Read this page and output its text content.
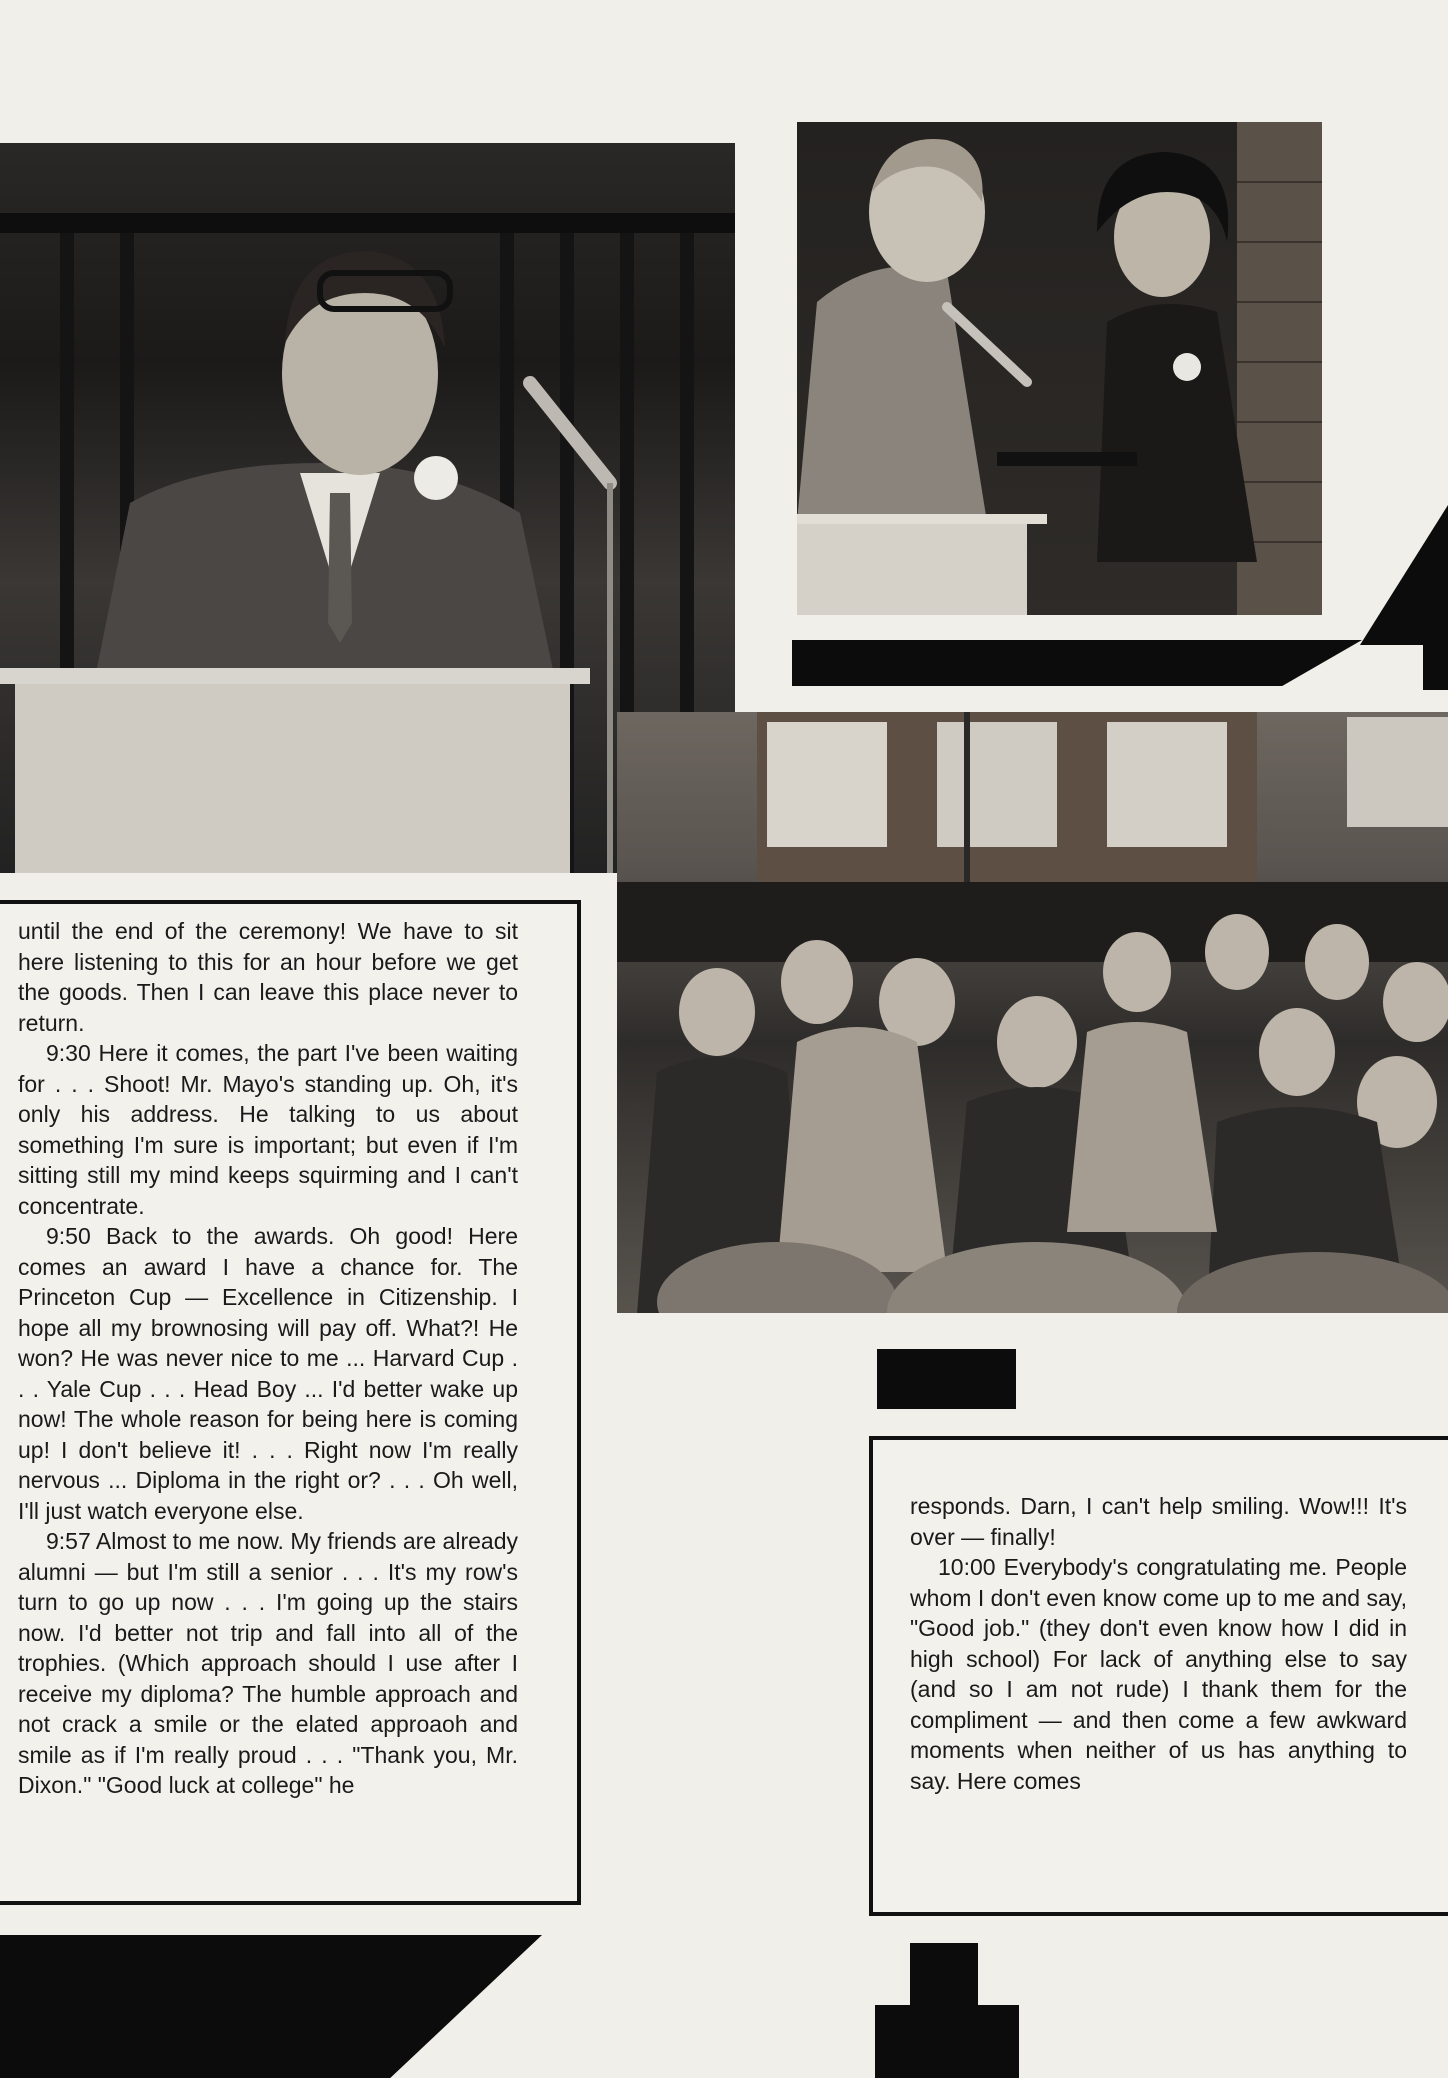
until the end of the ceremony! We have to sit here listening to this for an hour before we get the goods. Then I can leave this place never to return.

9:30 Here it comes, the part I've been waiting for . . . Shoot! Mr. Mayo's standing up. Oh, it's only his address. He talking to us about something I'm sure is important; but even if I'm sitting still my mind keeps squirming and I can't concentrate.

9:50 Back to the awards. Oh good! Here comes an award I have a chance for. The Princeton Cup — Excellence in Citizenship. I hope all my brownosing will pay off. What?! He won? He was never nice to me ... Harvard Cup . . . Yale Cup . . . Head Boy ... I'd better wake up now! The whole reason for being here is coming up! I don't believe it! . . . Right now I'm really nervous ... Diploma in the right or? . . . Oh well, I'll just watch everyone else.

9:57 Almost to me now. My friends are already alumni — but I'm still a senior . . . It's my row's turn to go up now . . . I'm going up the stairs now. I'd better not trip and fall into all of the trophies. (Which approach should I use after I receive my diploma? The humble approach and not crack a smile or the elated approaoh and smile as if I'm really proud . . . "Thank you, Mr. Dixon." "Good luck at college" he

responds. Darn, I can't help smiling. Wow!!! It's over — finally!

10:00 Everybody's congratulating me. People whom I don't even know come up to me and say, "Good job." (they don't even know how I did in high school) For lack of anything else to say (and so I am not rude) I thank them for the compliment — and then come a few awkward moments when neither of us has anything to say. Here comes
